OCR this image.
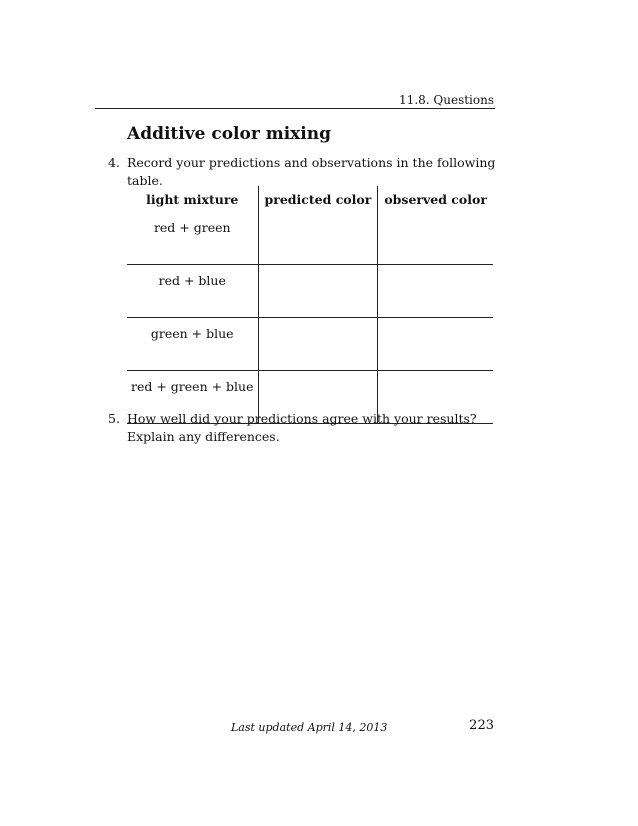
11.8. Questions
Additive color mixing
4. Record your predictions and observations in the following table.
light mixture	predicted color	observed color
red + green		
red + blue		
green + blue		
red + green + blue		
5. How well did your predictions agree with your results? Explain any differences.
Last updated April 14, 2013	223
